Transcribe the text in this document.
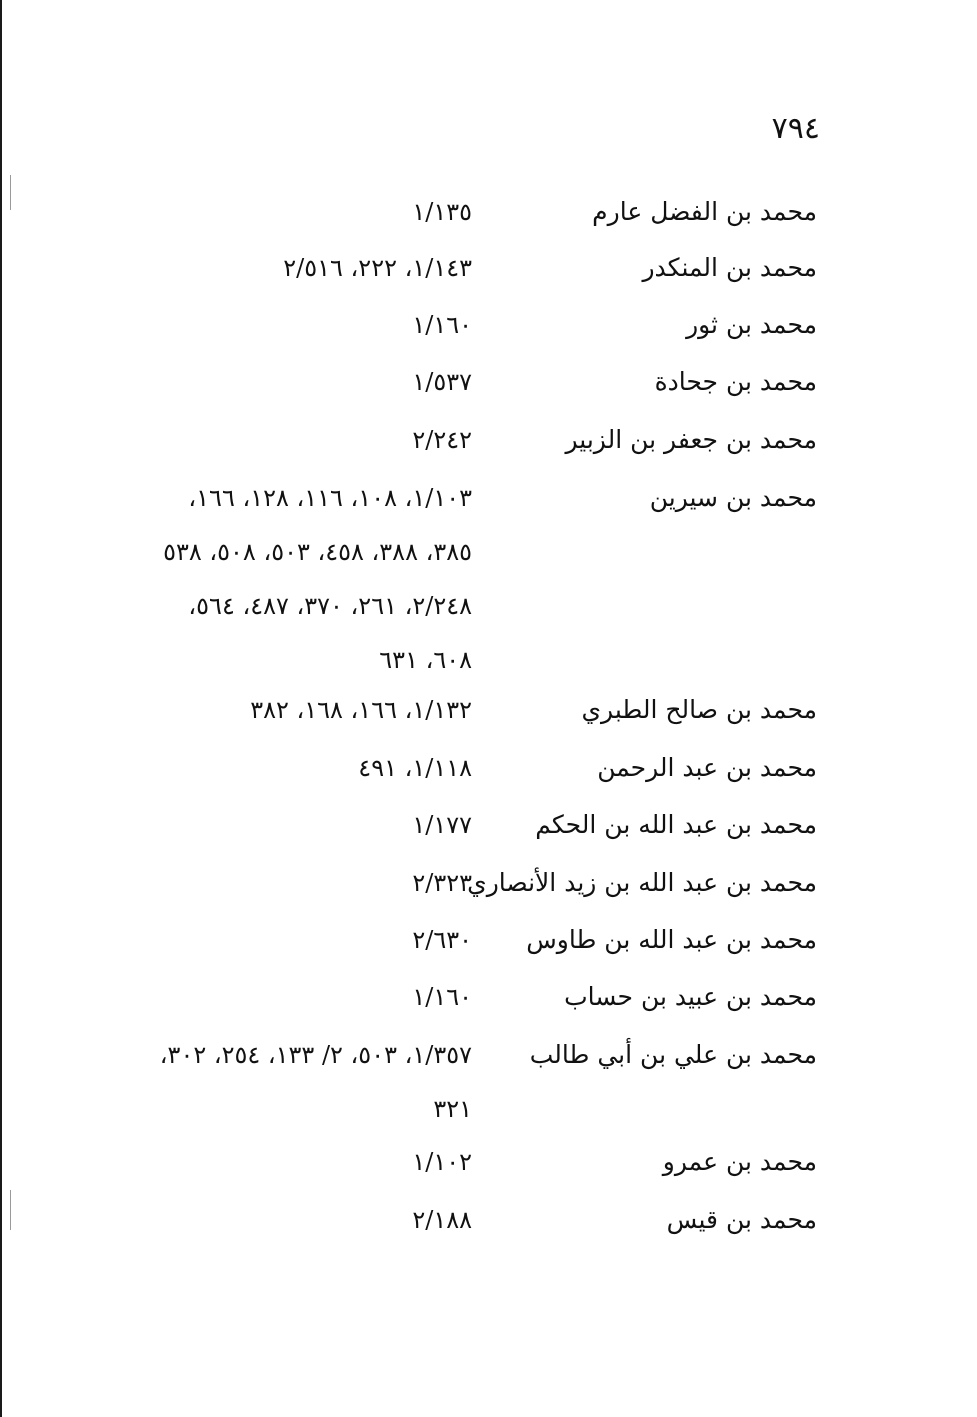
٧٩٤
محمد بن الفضل عارم
١/١٣٥
محمد بن المنكدر
١/١٤٣، ٢٢٢، ٢/٥١٦
محمد بن ثور
١/١٦٠
محمد بن جحادة
١/٥٣٧
محمد بن جعفر بن الزبير
٢/٢٤٢
محمد بن سيرين
١/١٠٣، ١٠٨، ١١٦، ١٢٨، ١٦٦،
٣٨٥، ٣٨٨، ٤٥٨، ٥٠٣، ٥٠٨، ٥٣٨
٢/٢٤٨، ٢٦١، ٣٧٠، ٤٨٧، ٥٦٤،
٦٠٨، ٦٣١
محمد بن صالح الطبري
١/١٣٢، ١٦٦، ١٦٨، ٣٨٢
محمد بن عبد الرحمن
١/١١٨، ٤٩١
محمد بن عبد الله بن الحكم
١/١٧٧
محمد بن عبد الله بن زيد الأنصاري
٢/٣٢٣
محمد بن عبد الله بن طاوس
٢/٦٣٠
محمد بن عبيد بن حساب
١/١٦٠
محمد بن علي بن أبي طالب
١/٣٥٧، ٥٠٣، ٢/ ١٣٣، ٢٥٤، ٣٠٢،
٣٢١
محمد بن عمرو
١/١٠٢
محمد بن قيس
٢/١٨٨
